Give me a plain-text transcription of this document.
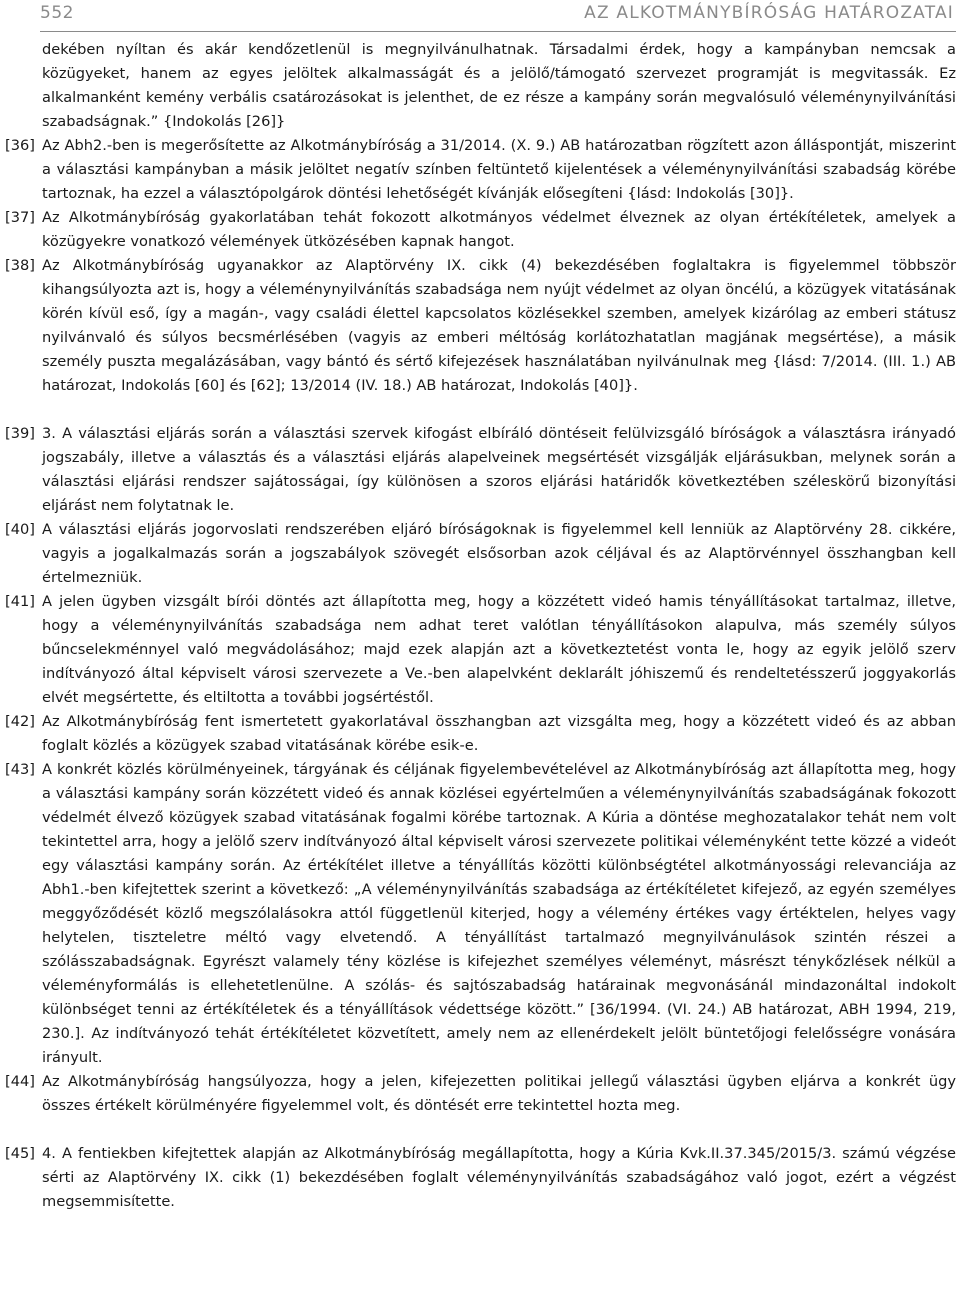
552	AZ ALKOTMÁNYBÍRÓSÁG HATÁROZATAI
dekében nyíltan és akár kendőzetlenül is megnyilvánulhatnak. Társadalmi érdek, hogy a kampányban nemcsak a közügyeket, hanem az egyes jelöltek alkalmasságát és a jelölő/támogató szervezet programját is megvitassák. Ez alkalmanként kemény verbális csatározásokat is jelenthet, de ez része a kampány során megvalósuló véleménynyilvánítási szabadságnak.” {Indokolás [26]}
[36] Az Abh2.-ben is megerősítette az Alkotmánybíróság a 31/2014. (X. 9.) AB határozatban rögzített azon álláspontját, miszerint a választási kampányban a másik jelöltet negatív színben feltüntető kijelentések a véleménynyilvánítási szabadság körébe tartoznak, ha ezzel a választópolgárok döntési lehetőségét kívánják elősegíteni {lásd: Indokolás [30]}.
[37] Az Alkotmánybíróság gyakorlatában tehát fokozott alkotmányos védelmet élveznek az olyan értékítéletek, amelyek a közügyekre vonatkozó vélemények ütközésében kapnak hangot.
[38] Az Alkotmánybíróság ugyanakkor az Alaptörvény IX. cikk (4) bekezdésében foglaltakra is figyelemmel többször kihangsúlyozta azt is, hogy a véleménynyilvánítás szabadsága nem nyújt védelmet az olyan öncélú, a közügyek vitatásának körén kívül eső, így a magán-, vagy családi élettel kapcsolatos közlésekkel szemben, amelyek kizárólag az emberi státusz nyilvánvaló és súlyos becsmérlésében (vagyis az emberi méltóság korlátozhatatlan magjának megsértése), a másik személy puszta megalázásában, vagy bántó és sértő kifejezések használatában nyilvánulnak meg {lásd: 7/2014. (III. 1.) AB határozat, Indokolás [60] és [62]; 13/2014 (IV. 18.) AB határozat, Indokolás [40]}.
[39] 3. A választási eljárás során a választási szervek kifogást elbíráló döntéseit felülvizsgáló bíróságok a választásra irányadó jogszabály, illetve a választás és a választási eljárás alapelveinek megsértését vizsgálják eljárásukban, melynek során a választási eljárási rendszer sajátosságai, így különösen a szoros eljárási határidők következtében széleskörű bizonyítási eljárást nem folytatnak le.
[40] A választási eljárás jogorvoslati rendszerében eljáró bíróságoknak is figyelemmel kell lenniük az Alaptörvény 28. cikkére, vagyis a jogalkalmazás során a jogszabályok szövegét elsősorban azok céljával és az Alaptörvénnyel összhangban kell értelmezniük.
[41] A jelen ügyben vizsgált bírói döntés azt állapította meg, hogy a közzétett videó hamis tényállításokat tartalmaz, illetve, hogy a véleménynyilvánítás szabadsága nem adhat teret valótlan tényállításokon alapulva, más személy súlyos bűncselekménnyel való megvádolásához; majd ezek alapján azt a következtetést vonta le, hogy az egyik jelölő szerv indítványozó által képviselt városi szervezete a Ve.-ben alapelvként deklarált jóhiszemű és rendeltetésszerű joggyakorlás elvét megsértette, és eltiltotta a további jogsértéstől.
[42] Az Alkotmánybíróság fent ismertetett gyakorlatával összhangban azt vizsgálta meg, hogy a közzétett videó és az abban foglalt közlés a közügyek szabad vitatásának körébe esik-e.
[43] A konkrét közlés körülményeinek, tárgyának és céljának figyelembevételével az Alkotmánybíróság azt állapította meg, hogy a választási kampány során közzétett videó és annak közlései egyértelműen a véleménynyilvánítás szabadságának fokozott védelmét élvező közügyek szabad vitatásának fogalmi körébe tartoznak. A Kúria a döntése meghozatalakor tehát nem volt tekintettel arra, hogy a jelölő szerv indítványozó által képviselt városi szervezete politikai véleményként tette közzé a videót egy választási kampány során. Az értékítélet illetve a tényállítás közötti különbségtétel alkotmányossági relevanciája az Abh1.-ben kifejtettek szerint a következő: „A véleménynyilvánítás szabadsága az értékítéletet kifejező, az egyén személyes meggyőződését közlő megszólalásokra attól függetlenül kiterjed, hogy a vélemény értékes vagy értéktelen, helyes vagy helytelen, tiszteletre méltó vagy elvetendő. A tényállítást tartalmazó megnyilvánulások szintén részei a szólásszabadságnak. Egyrészt valamely tény közlése is kifejezhet személyes véleményt, másrészt ténykőzlések nélkül a véleményformálás is ellehetetlenülne. A szólás- és sajtószabadság határainak megvonásánál mindazonáltal indokolt különbséget tenni az értékítéletek és a tényállítások védettsége között.” [36/1994. (VI. 24.) AB határozat, ABH 1994, 219, 230.]. Az indítványozó tehát értékítéletet közvetített, amely nem az ellenérdekelt jelölt büntetőjogi felelősségre vonására irányult.
[44] Az Alkotmánybíróság hangsúlyozza, hogy a jelen, kifejezetten politikai jellegű választási ügyben eljárva a konkrét ügy összes értékelt körülményére figyelemmel volt, és döntését erre tekintettel hozta meg.
[45] 4. A fentiekben kifejtettek alapján az Alkotmánybíróság megállapította, hogy a Kúria Kvk.II.37.345/2015/3. számú végzése sérti az Alaptörvény IX. cikk (1) bekezdésében foglalt véleménynyilvánítás szabadságához való jogot, ezért a végzést megsemmisítette.
